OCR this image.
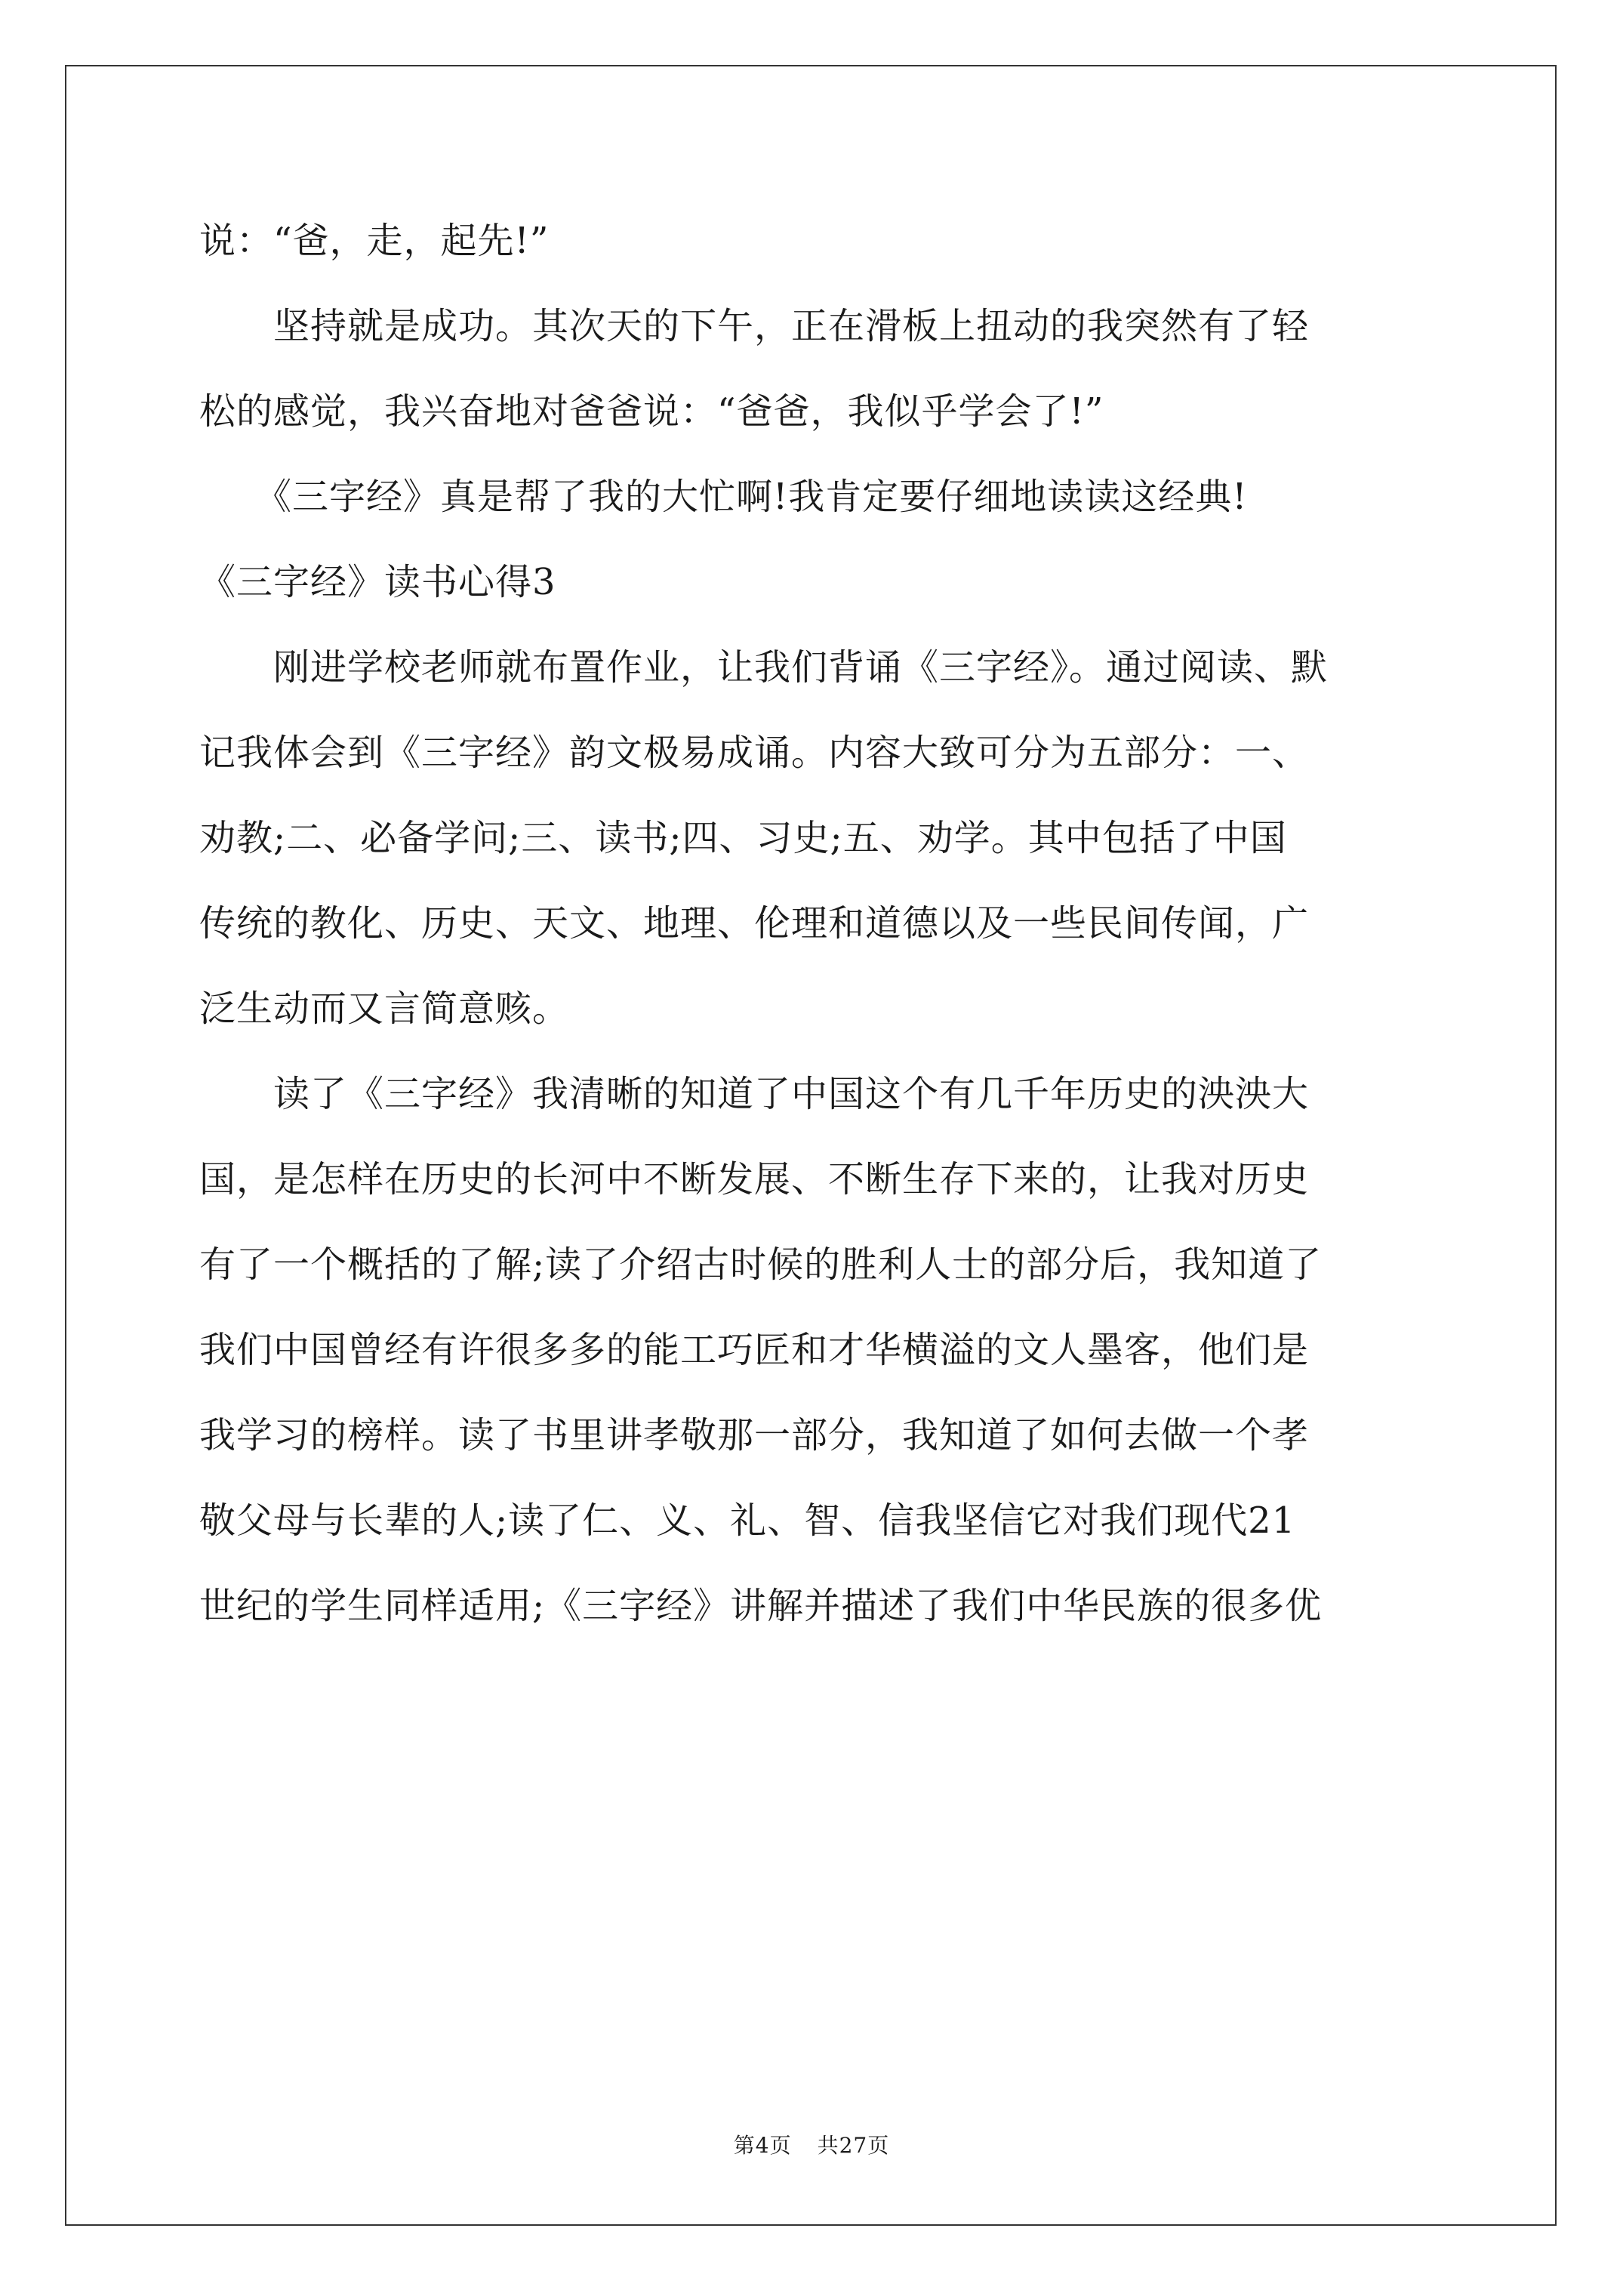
说：“爸，走，起先!”
　　坚持就是成功。其次天的下午，正在滑板上扭动的我突然有了轻
松的感觉，我兴奋地对爸爸说：“爸爸，我似乎学会了!”
　　《三字经》真是帮了我的大忙啊!我肯定要仔细地读读这经典!
《三字经》读书心得3
　　刚进学校老师就布置作业，让我们背诵《三字经》。通过阅读、默
记我体会到《三字经》韵文极易成诵。内容大致可分为五部分：一、
劝教;二、必备学问;三、读书;四、习史;五、劝学。其中包括了中国
传统的教化、历史、天文、地理、伦理和道德以及一些民间传闻，广
泛生动而又言简意赅。
　　读了《三字经》我清晰的知道了中国这个有几千年历史的泱泱大
国，是怎样在历史的长河中不断发展、不断生存下来的，让我对历史
有了一个概括的了解;读了介绍古时候的胜利人士的部分后，我知道了
我们中国曾经有许很多多的能工巧匠和才华横溢的文人墨客，他们是
我学习的榜样。读了书里讲孝敬那一部分，我知道了如何去做一个孝
敬父母与长辈的人;读了仁、义、礼、智、信我坚信它对我们现代21
世纪的学生同样适用;《三字经》讲解并描述了我们中华民族的很多优
第4页 共27页
